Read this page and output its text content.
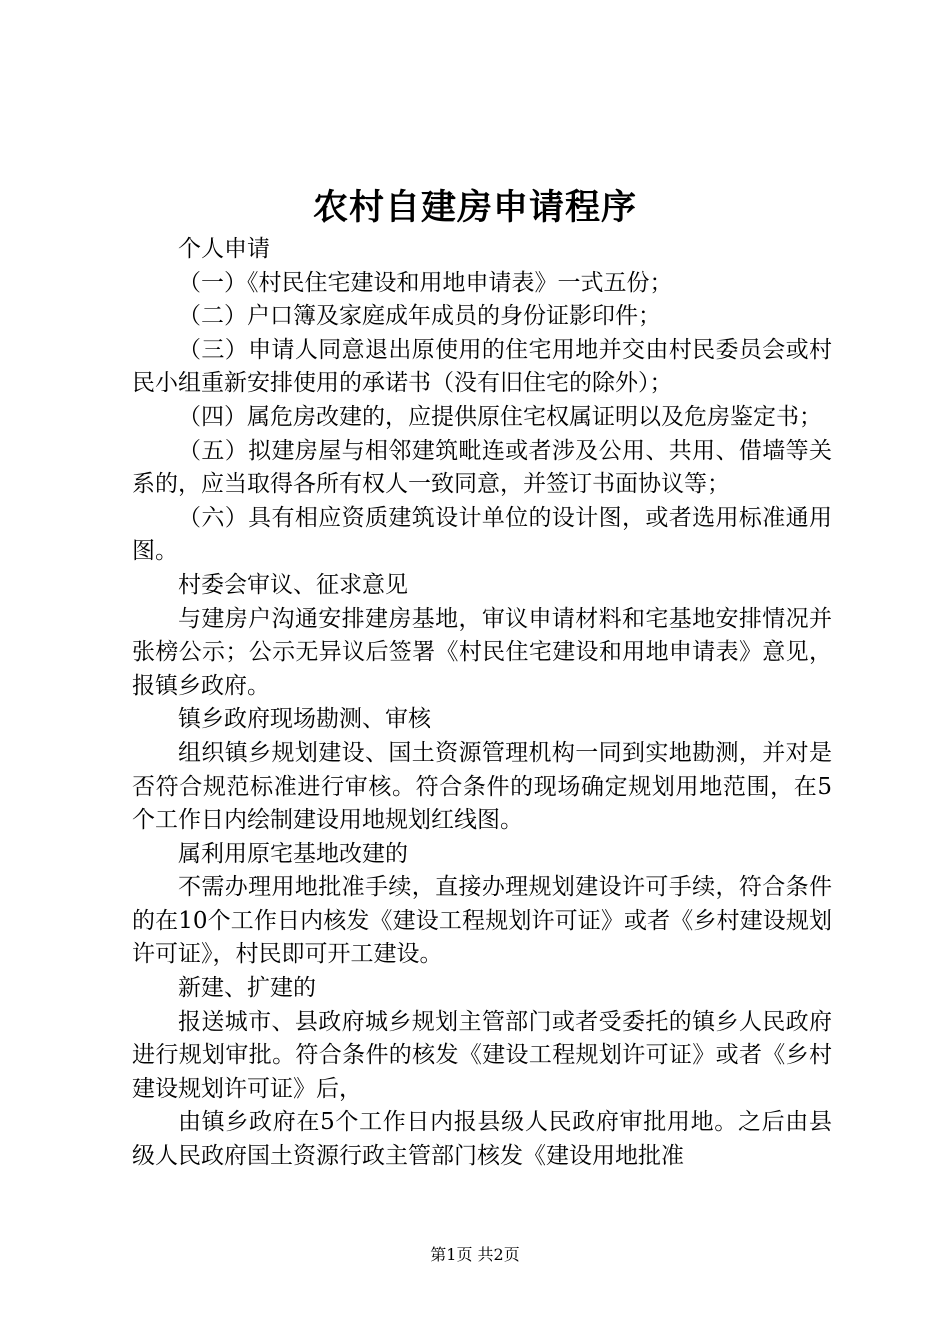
农村自建房申请程序

个人申请

（一）《村民住宅建设和用地申请表》一式五份；

（二）户口簿及家庭成年成员的身份证影印件；

（三）申请人同意退出原使用的住宅用地并交由村民委员会或村民小组重新安排使用的承诺书（没有旧住宅的除外）；

（四）属危房改建的，应提供原住宅权属证明以及危房鉴定书；

（五）拟建房屋与相邻建筑毗连或者涉及公用、共用、借墙等关系的，应当取得各所有权人一致同意，并签订书面协议等；

（六）具有相应资质建筑设计单位的设计图，或者选用标准通用图。

村委会审议、征求意见

与建房户沟通安排建房基地，审议申请材料和宅基地安排情况并张榜公示；公示无异议后签署《村民住宅建设和用地申请表》意见，报镇乡政府。

镇乡政府现场勘测、审核

组织镇乡规划建设、国土资源管理机构一同到实地勘测，并对是否符合规范标准进行审核。符合条件的现场确定规划用地范围，在5个工作日内绘制建设用地规划红线图。

属利用原宅基地改建的

不需办理用地批准手续，直接办理规划建设许可手续，符合条件的在10个工作日内核发《建设工程规划许可证》或者《乡村建设规划许可证》，村民即可开工建设。

新建、扩建的

报送城市、县政府城乡规划主管部门或者受委托的镇乡人民政府进行规划审批。符合条件的核发《建设工程规划许可证》或者《乡村建设规划许可证》后，

由镇乡政府在5个工作日内报县级人民政府审批用地。之后由县级人民政府国土资源行政主管部门核发《建设用地批准

第1页 共2页
